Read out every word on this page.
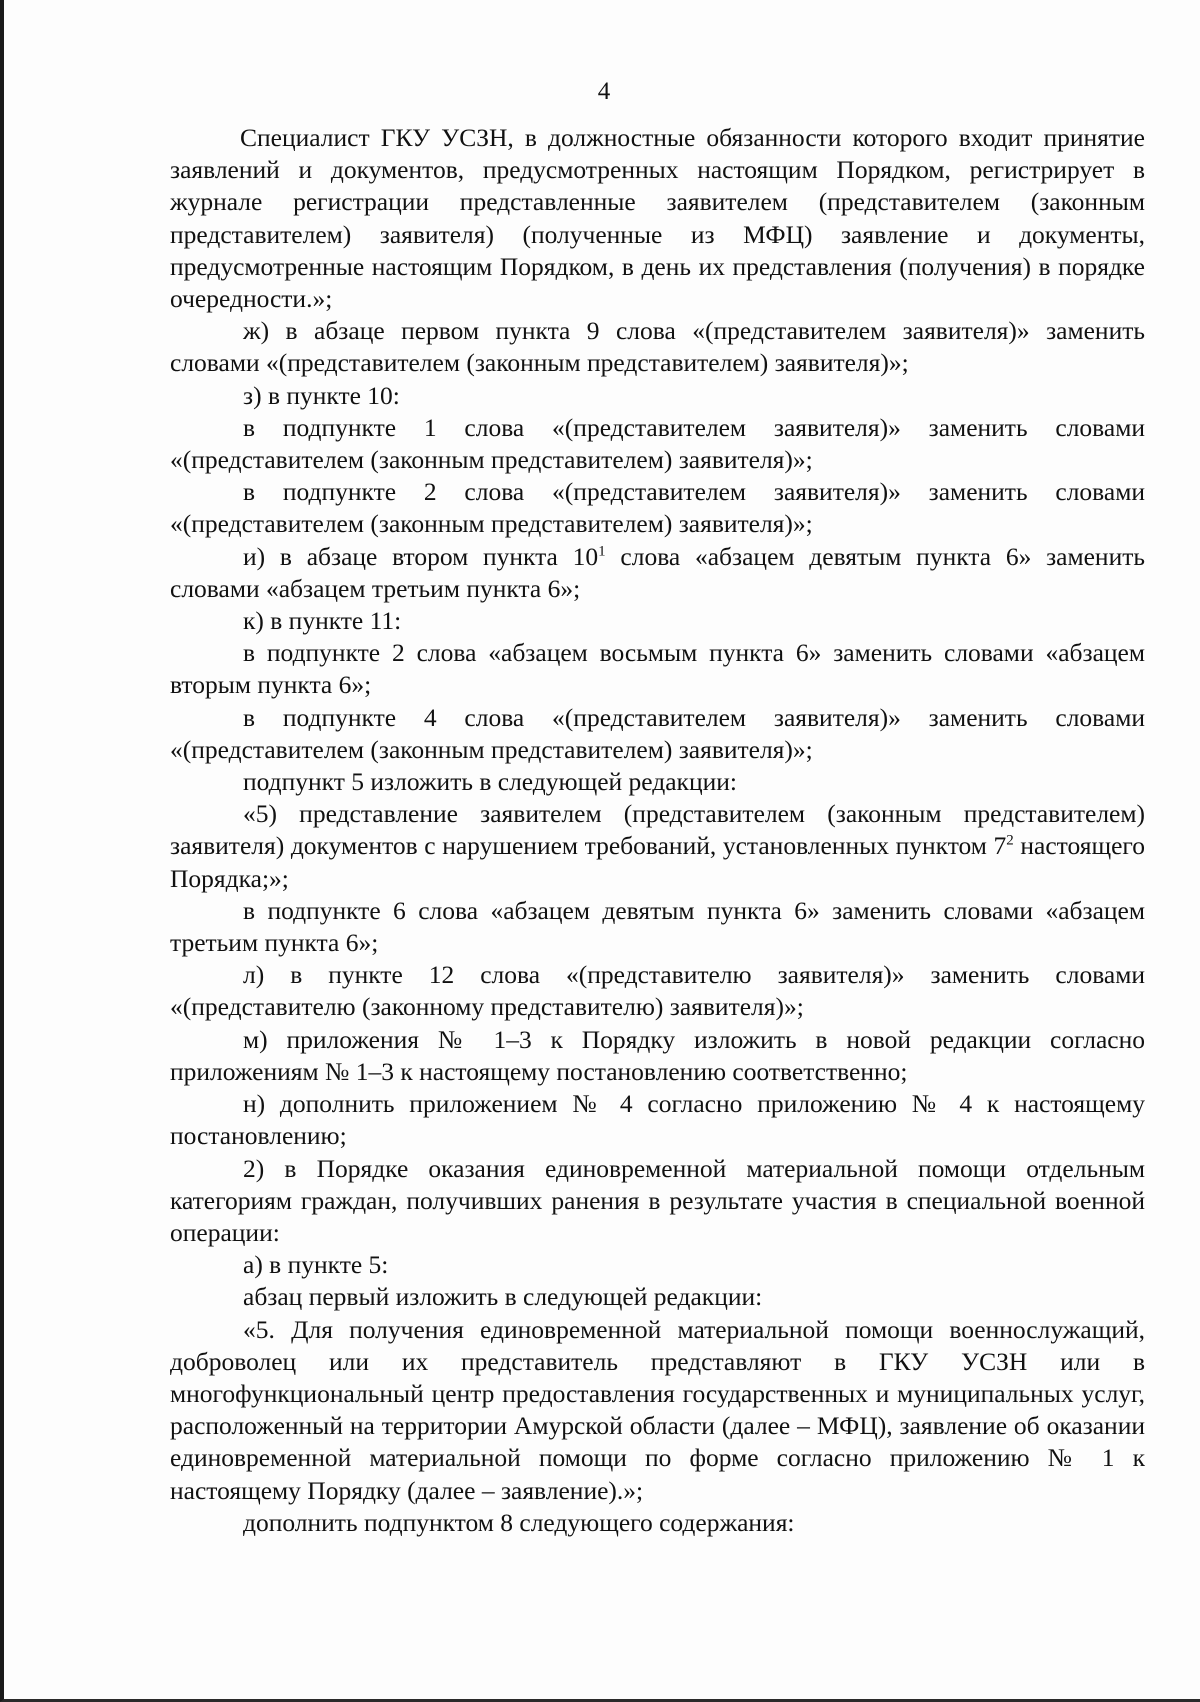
4

Специалист ГКУ УСЗН, в должностные обязанности которого входит принятие заявлений и документов, предусмотренных настоящим Порядком, регистрирует в журнале регистрации представленные заявителем (представителем (законным представителем) заявителя) (полученные из МФЦ) заявление и документы, предусмотренные настоящим Порядком, в день их представления (получения) в порядке очередности.»;

ж) в абзаце первом пункта 9 слова «(представителем заявителя)» заменить словами «(представителем (законным представителем) заявителя)»;

з) в пункте 10:

в подпункте 1 слова «(представителем заявителя)» заменить словами «(представителем (законным представителем) заявителя)»;

в подпункте 2 слова «(представителем заявителя)» заменить словами «(представителем (законным представителем) заявителя)»;

и) в абзаце втором пункта $10^1$ слова «абзацем девятым пункта 6» заменить словами «абзацем третьим пункта 6»;

к) в пункте 11:

в подпункте 2 слова «абзацем восьмым пункта 6» заменить словами «абзацем вторым пункта 6»;

в подпункте 4 слова «(представителем заявителя)» заменить словами «(представителем (законным представителем) заявителя)»;

подпункт 5 изложить в следующей редакции:

«5) представление заявителем (представителем (законным представителем) заявителя) документов с нарушением требований, установленных пунктом $7^2$ настоящего Порядка;»;

в подпункте 6 слова «абзацем девятым пункта 6» заменить словами «абзацем третьим пункта 6»;

л) в пункте 12 слова «(представителю заявителя)» заменить словами «(представителю (законному представителю) заявителя)»;

м) приложения № 1–3 к Порядку изложить в новой редакции согласно приложениям № 1–3 к настоящему постановлению соответственно;

н) дополнить приложением № 4 согласно приложению № 4 к настоящему постановлению;

2) в Порядке оказания единовременной материальной помощи отдельным категориям граждан, получивших ранения в результате участия в специальной военной операции:

а) в пункте 5:

абзац первый изложить в следующей редакции:

«5. Для получения единовременной материальной помощи военнослужащий, доброволец или их представитель представляют в ГКУ УСЗН или в многофункциональный центр предоставления государственных и муниципальных услуг, расположенный на территории Амурской области (далее – МФЦ), заявление об оказании единовременной материальной помощи по форме согласно приложению № 1 к настоящему Порядку (далее – заявление).»;

дополнить подпунктом 8 следующего содержания:
